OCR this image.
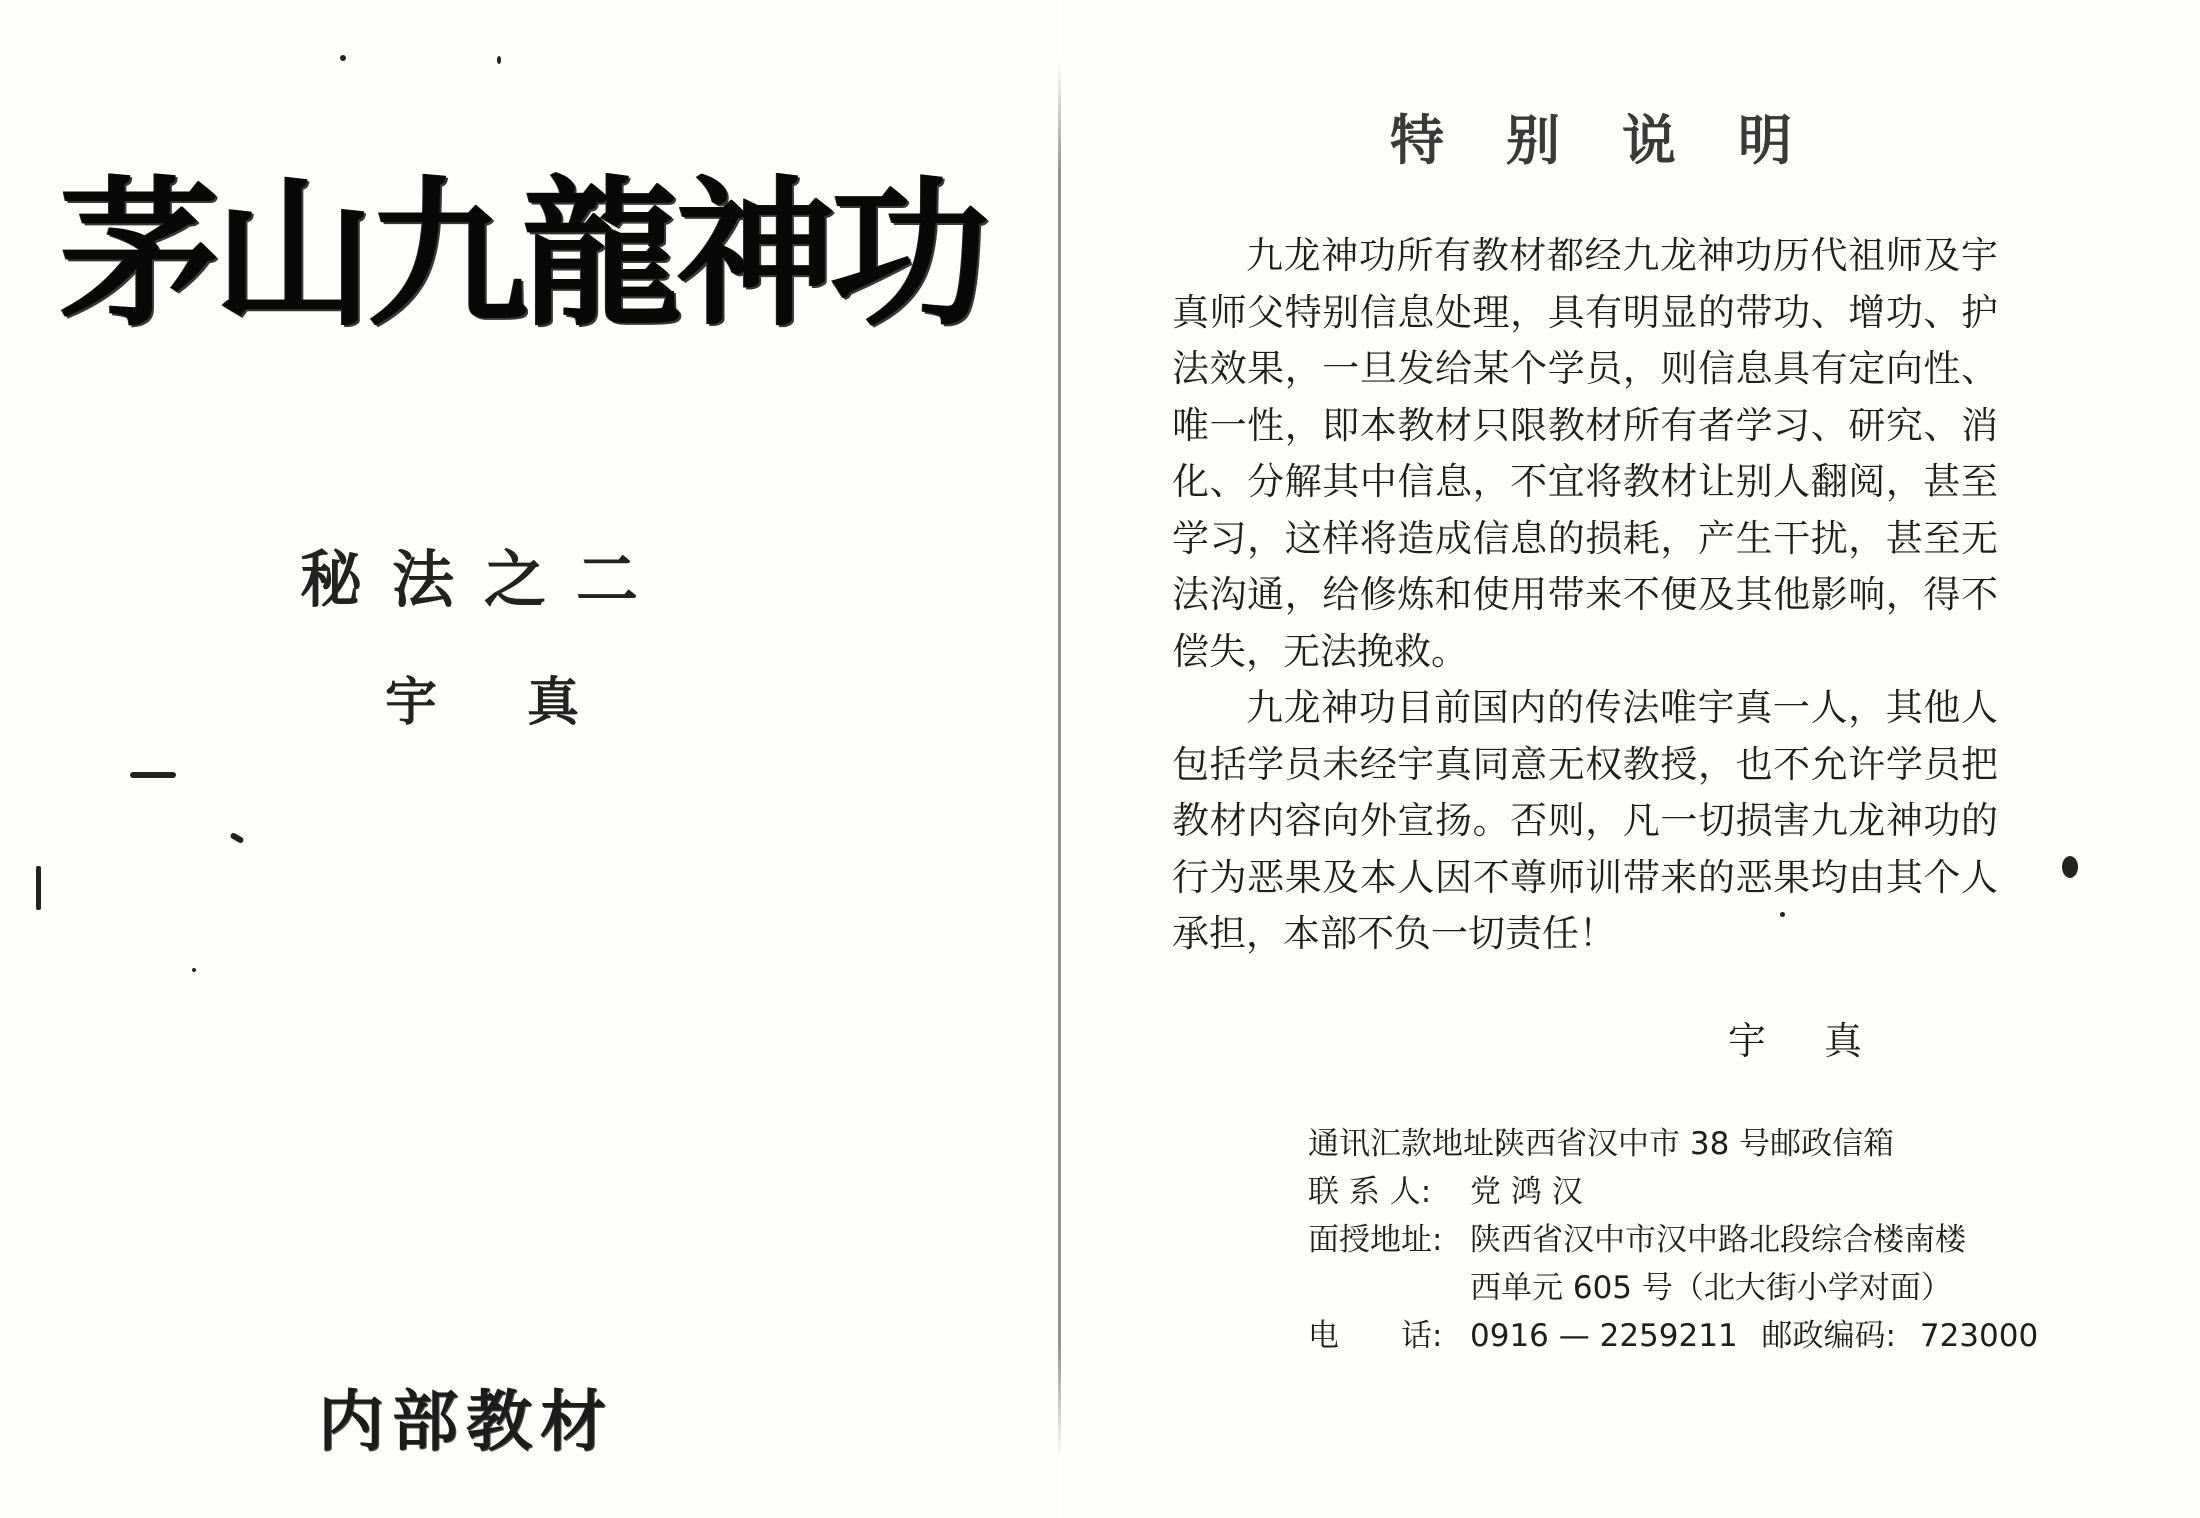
茅山九龍神功
秘法之二
宇真
内部教材
特别说明

九龙神功所有教材都经九龙神功历代祖师及宇真师父特别信息处理，具有明显的带功、增功、护法效果，一旦发给某个学员，则信息具有定向性、唯一性，即本教材只限教材所有者学习、研究、消化、分解其中信息，不宜将教材让别人翻阅，甚至学习，这样将造成信息的损耗，产生干扰，甚至无法沟通，给修炼和使用带来不便及其他影响，得不偿失，无法挽救。

九龙神功目前国内的传法唯宇真一人，其他人包括学员未经宇真同意无权教授，也不允许学员把教材内容向外宣扬。否则，凡一切损害九龙神功的行为恶果及本人因不尊师训带来的恶果均由其个人承担，本部不负一切责任！

宇真
通讯汇款地址:
陕西省汉中市 38 号邮政信箱
联 系 人:	党 鸿 汉
面授地址: 陕西省汉中市汉中路北段综合楼南楼
西单元 605 号（北大街小学对面）
电　　话: 0916 — 2259211 邮政编码: 723000
